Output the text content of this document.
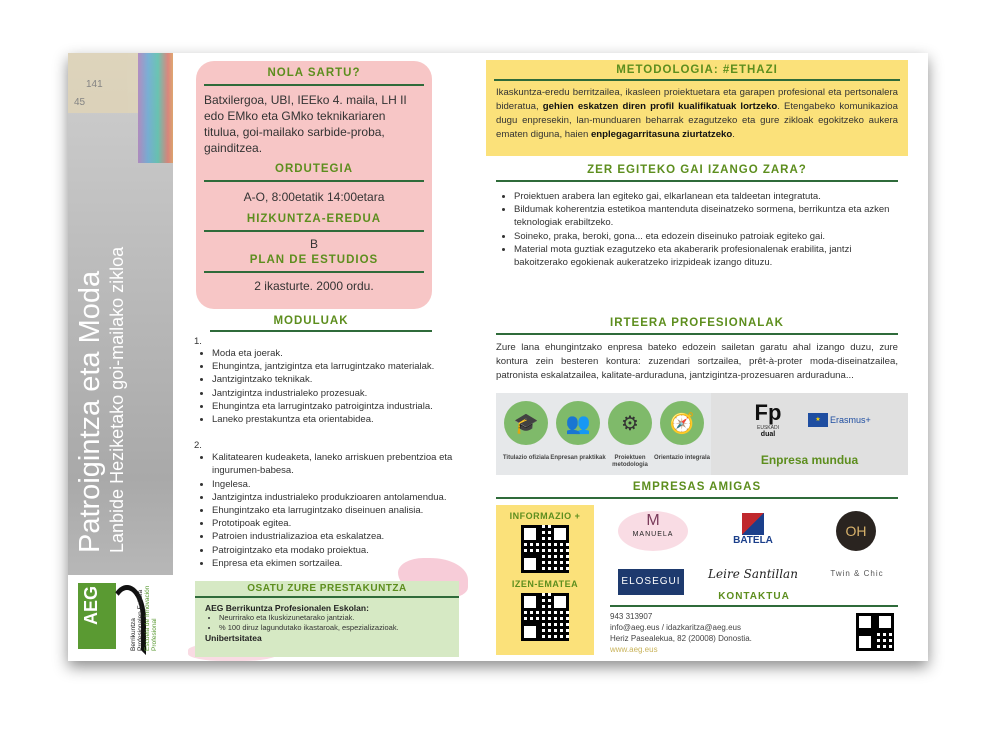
141
45
Patroigintza eta Moda Lanbide Heziketako goi-mailako zikloa
AEG
Berrikuntza Profesionalen Eskola Escuela de Innovación Profesional
NOLA SARTU?
Batxilergoa, UBI, IEEko 4. maila, LH II edo EMko eta GMko teknikariaren titulua, goi-mailako sarbide-proba, gainditzea.
ORDUTEGIA
A-O, 8:00etatik 14:00etara
HIZKUNTZA-EREDUA
B
PLAN DE ESTUDIOS
2 ikasturte. 2000 ordu.
MODULUAK
1.
• Moda eta joerak.
• Ehungintza, jantzigintza eta larrugintzako materialak.
• Jantzigintzako teknikak.
• Jantzigintza industrialeko prozesuak.
• Ehungintza eta larrugintzako patroigintza industriala.
• Laneko prestakuntza eta orientabidea.
2.
• Kalitatearen kudeaketa, laneko arriskuen prebentzioa eta ingurumen-babesa.
• Ingelesa.
• Jantzigintza industrialeko produkzioaren antolamendua.
• Ehungintzako eta larrugintzako diseinuen analisia.
• Prototipoak egitea.
• Patroien industrializazioa eta eskalatzea.
• Patroigintzako eta modako proiektua.
• Enpresa eta ekimen sortzailea.
OSATU ZURE PRESTAKUNTZA
AEG Berrikuntza Profesionalen Eskolan:
• Neurrirako eta Ikuskizunetarako jantziak.
• % 100 diruz lagundutako ikastaroak, espezializazioak.
Unibertsitatea
METODOLOGIA: #ETHAZI

Ikaskuntza-eredu berritzailea, ikasleen proiektuetara eta garapen profesional eta pertsonalera bideratua, gehien eskatzen diren profil kualifikatuak lortzeko. Etengabeko komunikazioa dugu enpresekin, lan-munduaren beharrak ezagutzeko eta gure zikloak egokitzeko aukera ematen diguna, haien enplegagarritasuna ziurtatzeko.

ZER EGITEKO GAI IZANGO ZARA?
• Proiektuen arabera lan egiteko gai, elkarlanean eta taldeetan integratuta.
• Bildumak koherentzia estetikoa mantenduta diseinatzeko sormena, berrikuntza eta azken teknologiak erabiltzeko.
• Soineko, praka, beroki, gona... eta edozein diseinuko patroiak egiteko gai.
• Material mota guztiak ezagutzeko eta akaberarik profesionalenak erabilita, jantzi bakoitzerako egokienak aukeratzeko irizpideak izango dituzu.
IRTEERA PROFESIONALAK
Zure lana ehungintzako enpresa bateko edozein sailetan garatu ahal izango duzu, zure kontura zein besteren kontura: zuzendari sortzailea, prêt-à-proter moda-diseinatzailea, patronista eskalatzailea, kalitate-arduraduna, jantzigintza-prozesuaren arduraduna...
🎓
Titulazio ofiziala
👥
Enpresan praktikak
⚙
Proiektuen metodologia
🧭
Orientazio integrala
Fp
EUSKADI
dual
★	Erasmus+
Enpresa mundua
EMPRESAS AMIGAS
INFORMAZIO +
IZEN-EMATEA
M
MANUELA
BATELA
OH
ELOSEGUI
Leire Santillan	Twin & Chic
KONTAKTUA
943 313907
info@aeg.eus / idazkaritza@aeg.eus
Heriz Pasealekua, 82 (20008) Donostia.
www.aeg.eus
